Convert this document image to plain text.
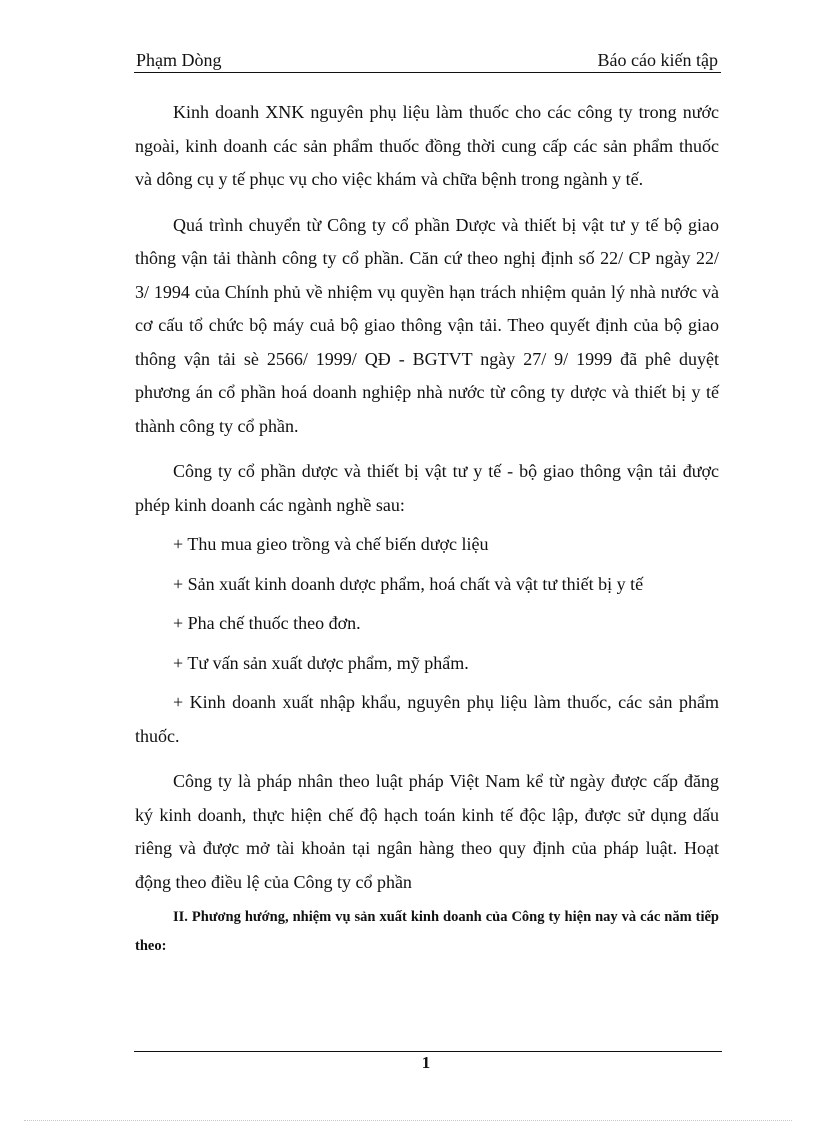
Phạm Dòng	Báo cáo kiến tập

Kinh doanh XNK nguyên phụ liệu làm thuốc cho các công ty trong nước ngoài, kinh doanh các sản phẩm thuốc đồng thời cung cấp các sản phẩm thuốc và dông cụ y tế phục vụ cho việc khám và chữa bệnh trong ngành y tế.

Quá trình chuyển từ Công ty cổ phần Dược và thiết bị vật tư y tế bộ giao thông vận tải thành công ty cổ phần. Căn cứ theo nghị định số 22/ CP ngày 22/ 3/ 1994 của Chính phủ về nhiệm vụ quyền hạn trách nhiệm quản lý nhà nước và cơ cấu tổ chức bộ máy cuả bộ giao thông vận tải. Theo quyết định của bộ giao thông vận tải sè 2566/ 1999/ QĐ - BGTVT ngày 27/ 9/ 1999 đã phê duyệt phương án cổ phần hoá doanh nghiệp nhà nước từ công ty dược và thiết bị y tế thành công ty cổ phần.

Công ty cổ phần dược và thiết bị vật tư y tế - bộ giao thông vận tải được phép kinh doanh các ngành nghề sau:

+ Thu mua gieo trồng và chế biến dược liệu

+ Sản xuất kinh doanh dược phẩm, hoá chất và vật tư thiết bị y tế

+ Pha chế thuốc theo đơn.

+ Tư vấn sản xuất dược phẩm, mỹ phẩm.

+ Kinh doanh xuất nhập khẩu, nguyên phụ liệu làm thuốc, các sản phẩm thuốc.

Công ty là pháp nhân theo luật pháp Việt Nam kể từ ngày được cấp đăng ký kinh doanh, thực hiện chế độ hạch toán kinh tế độc lập, được sử dụng dấu riêng và được mở tài khoản tại ngân hàng theo quy định của pháp luật. Hoạt động theo điều lệ của Công ty cổ phần

II. Phương hướng, nhiệm vụ sản xuất kinh doanh của Công ty hiện nay và các năm tiếp theo:

1
